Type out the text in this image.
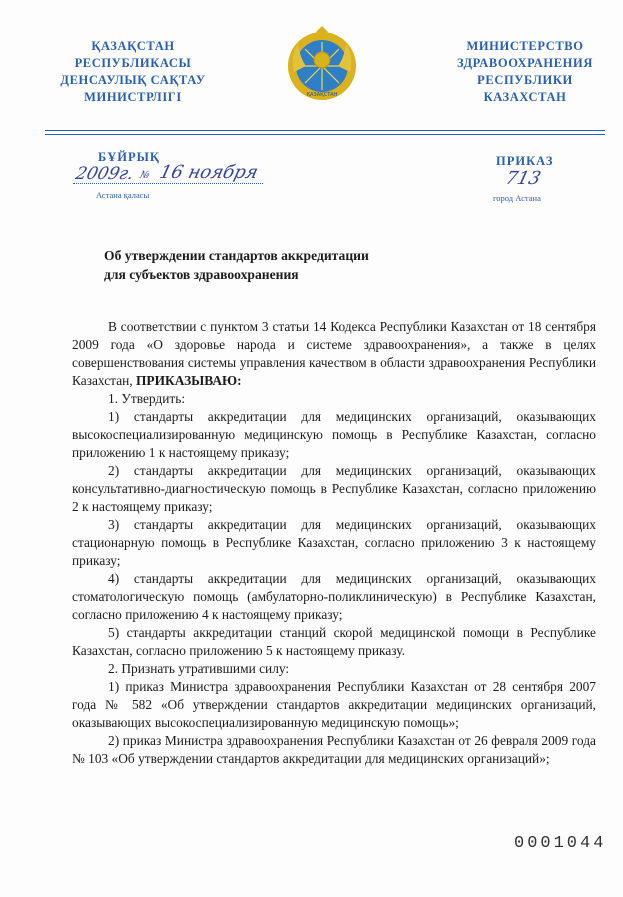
ҚАЗАҚСТАН
РЕСПУБЛИКАСЫ
ДЕНСАУЛЫҚ САҚТАУ
МИНИСТРЛІГІ	ҚАЗАҚСТАН
МИНИСТЕРСТВО
ЗДРАВООХРАНЕНИЯ
РЕСПУБЛИКИ
КАЗАХСТАН
БҰЙРЫҚ	ПРИКАЗ
2009г. № 16 ноября	713
Астана қаласы	город Астана
Об утверждении стандартов аккредитации
для субъектов здравоохранения

В соответствии с пунктом 3 статьи 14 Кодекса Республики Казахстан от 18 сентября 2009 года «О здоровье народа и системе здравоохранения», а также в целях совершенствования системы управления качеством в области здравоохранения Республики Казахстан, ПРИКАЗЫВАЮ:

1. Утвердить:

1) стандарты аккредитации для медицинских организаций, оказывающих высокоспециализированную медицинскую помощь в Республике Казахстан, согласно приложению 1 к настоящему приказу;

2) стандарты аккредитации для медицинских организаций, оказывающих консультативно-диагностическую помощь в Республике Казахстан, согласно приложению 2 к настоящему приказу;

3) стандарты аккредитации для медицинских организаций, оказывающих стационарную помощь в Республике Казахстан, согласно приложению 3 к настоящему приказу;

4) стандарты аккредитации для медицинских организаций, оказывающих стоматологическую помощь (амбулаторно-поликлиническую) в Республике Казахстан, согласно приложению 4 к настоящему приказу;

5) стандарты аккредитации станций скорой медицинской помощи в Республике Казахстан, согласно приложению 5 к настоящему приказу.

2. Признать утратившими силу:

1) приказ Министра здравоохранения Республики Казахстан от 28 сентября 2007 года № 582 «Об утверждении стандартов аккредитации медицинских организаций, оказывающих высокоспециализированную медицинскую помощь»;

2) приказ Министра здравоохранения Республики Казахстан от 26 февраля 2009 года № 103 «Об утверждении стандартов аккредитации для медицинских организаций»;

0001044
